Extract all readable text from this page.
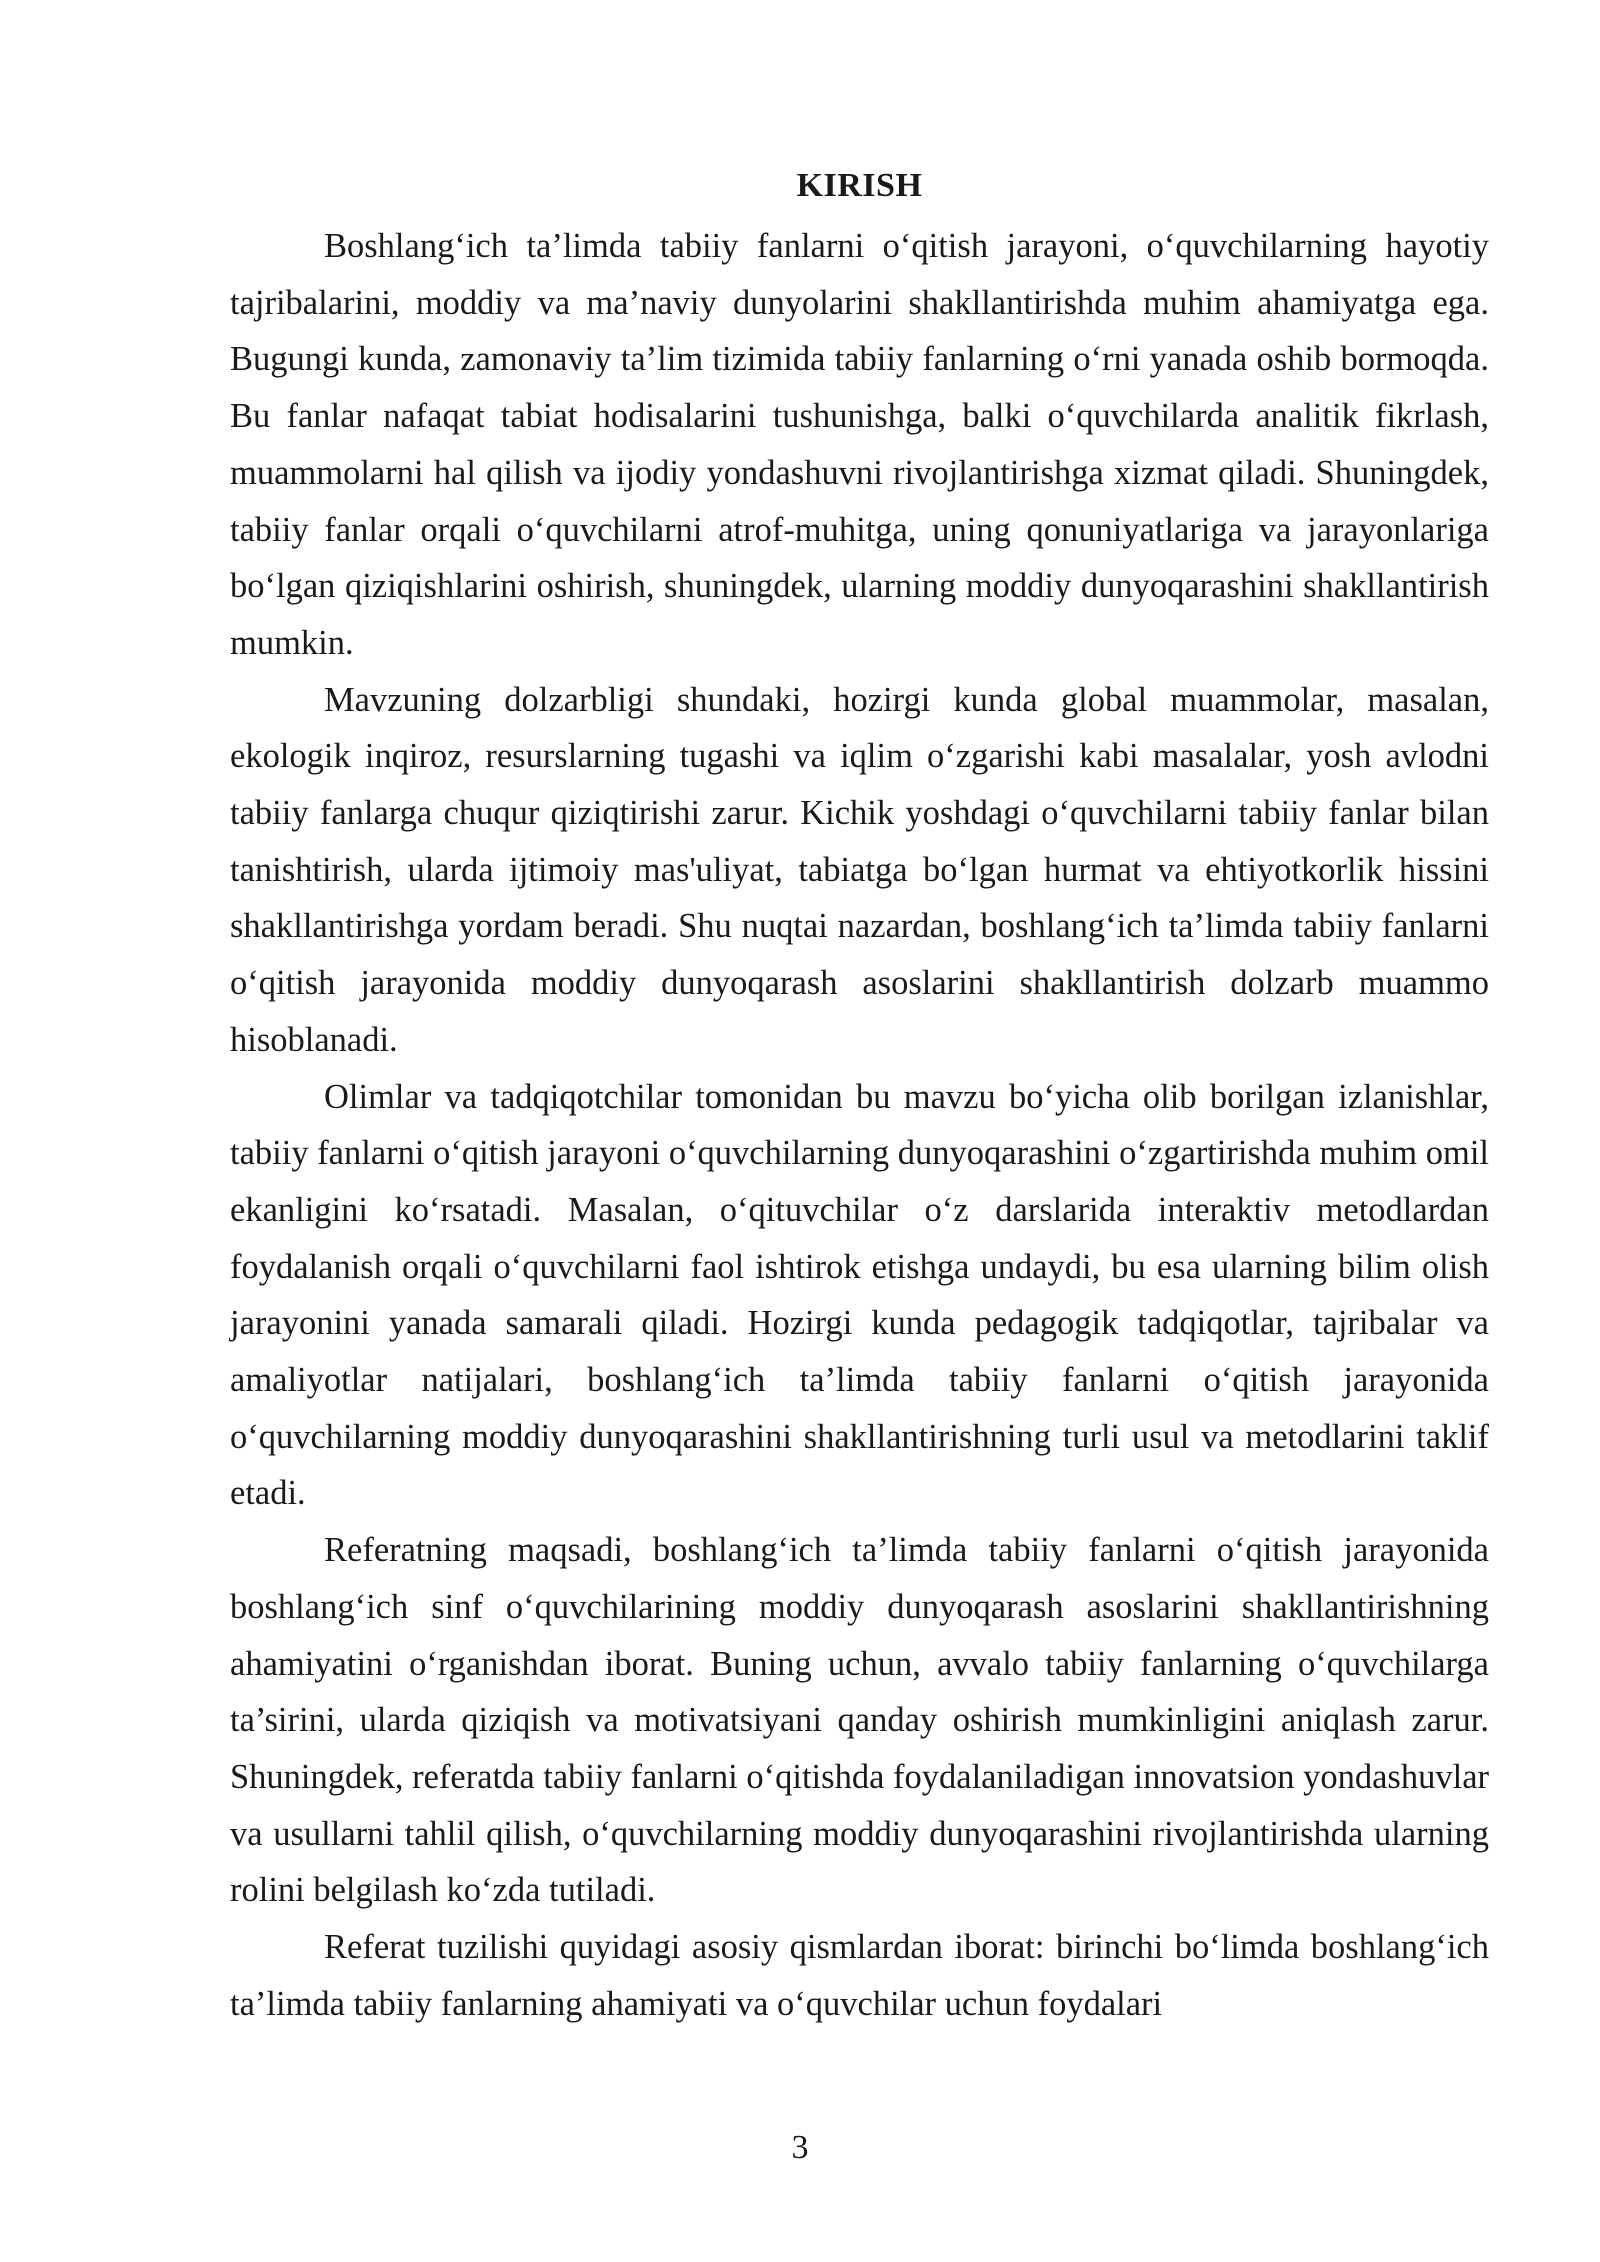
KIRISH

Boshlang‘ich ta’limda tabiiy fanlarni o‘qitish jarayoni, o‘quvchilarning hayotiy tajribalarini, moddiy va ma’naviy dunyolarini shakllantirishda muhim ahamiyatga ega. Bugungi kunda, zamonaviy ta’lim tizimida tabiiy fanlarning o‘rni yanada oshib bormoqda. Bu fanlar nafaqat tabiat hodisalarini tushunishga, balki o‘quvchilarda analitik fikrlash, muammolarni hal qilish va ijodiy yondashuvni rivojlantirishga xizmat qiladi. Shuningdek, tabiiy fanlar orqali o‘quvchilarni atrof-muhitga, uning qonuniyatlariga va jarayonlariga bo‘lgan qiziqishlarini oshirish, shuningdek, ularning moddiy dunyoqarashini shakllantirish mumkin.

Mavzuning dolzarbligi shundaki, hozirgi kunda global muammolar, masalan, ekologik inqiroz, resurslarning tugashi va iqlim o‘zgarishi kabi masalalar, yosh avlodni tabiiy fanlarga chuqur qiziqtirishi zarur. Kichik yoshdagi o‘quvchilarni tabiiy fanlar bilan tanishtirish, ularda ijtimoiy mas'uliyat, tabiatga bo‘lgan hurmat va ehtiyotkorlik hissini shakllantirishga yordam beradi. Shu nuqtai nazardan, boshlang‘ich ta’limda tabiiy fanlarni o‘qitish jarayonida moddiy dunyoqarash asoslarini shakllantirish dolzarb muammo hisoblanadi.

Olimlar va tadqiqotchilar tomonidan bu mavzu bo‘yicha olib borilgan izlanishlar, tabiiy fanlarni o‘qitish jarayoni o‘quvchilarning dunyoqarashini o‘zgartirishda muhim omil ekanligini ko‘rsatadi. Masalan, o‘qituvchilar o‘z darslarida interaktiv metodlardan foydalanish orqali o‘quvchilarni faol ishtirok etishga undaydi, bu esa ularning bilim olish jarayonini yanada samarali qiladi. Hozirgi kunda pedagogik tadqiqotlar, tajribalar va amaliyotlar natijalari, boshlang‘ich ta’limda tabiiy fanlarni o‘qitish jarayonida o‘quvchilarning moddiy dunyoqarashini shakllantirishning turli usul va metodlarini taklif etadi.

Referatning maqsadi, boshlang‘ich ta’limda tabiiy fanlarni o‘qitish jarayonida boshlang‘ich sinf o‘quvchilarining moddiy dunyoqarash asoslarini shakllantirishning ahamiyatini o‘rganishdan iborat. Buning uchun, avvalo tabiiy fanlarning o‘quvchilarga ta’sirini, ularda qiziqish va motivatsiyani qanday oshirish mumkinligini aniqlash zarur. Shuningdek, referatda tabiiy fanlarni o‘qitishda foydalaniladigan innovatsion yondashuvlar va usullarni tahlil qilish, o‘quvchilarning moddiy dunyoqarashini rivojlantirishda ularning rolini belgilash ko‘zda tutiladi.

Referat tuzilishi quyidagi asosiy qismlardan iborat: birinchi bo‘limda boshlang‘ich ta’limda tabiiy fanlarning ahamiyati va o‘quvchilar uchun foydalari

3
